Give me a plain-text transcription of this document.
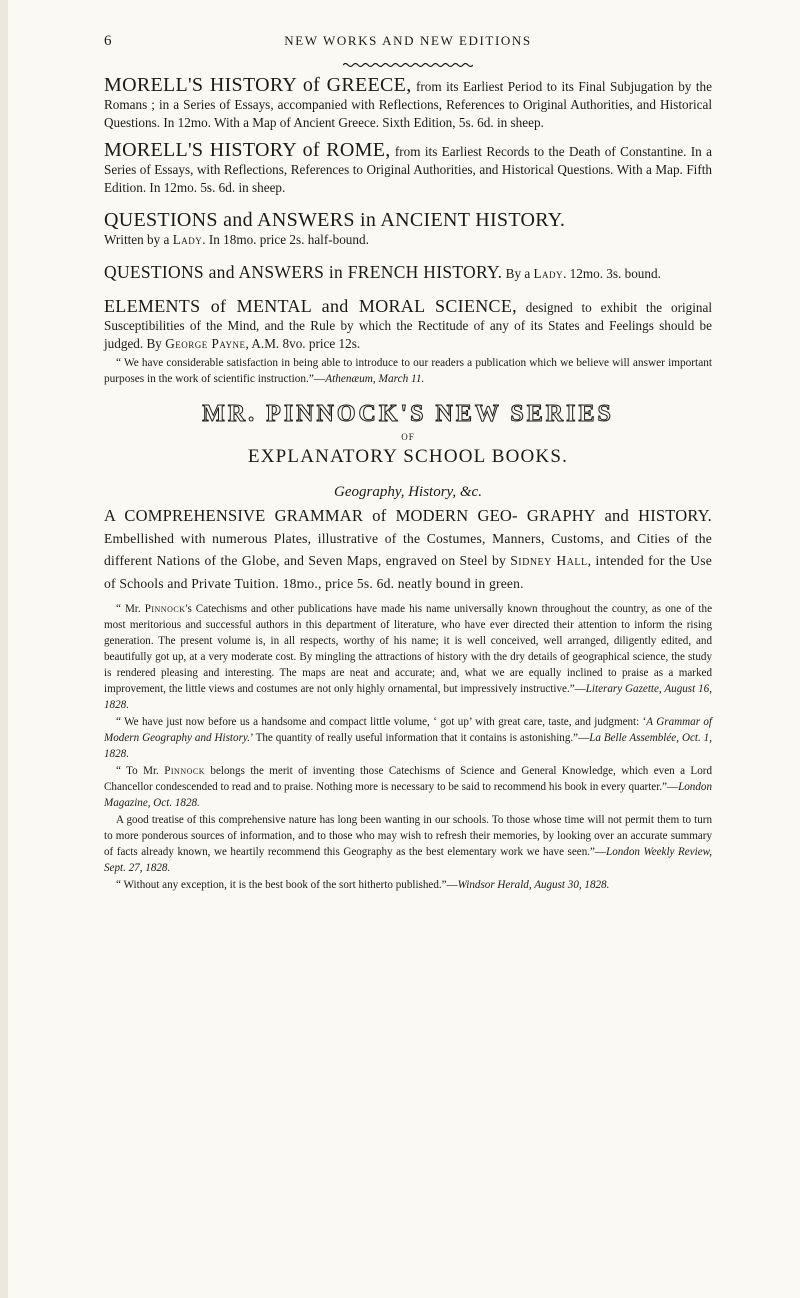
6	NEW WORKS AND NEW EDITIONS

MORELL'S HISTORY of GREECE, from its Earliest Period to its Final Subjugation by the Romans ; in a Series of Essays, accompanied with Reflections, References to Original Authorities, and Historical Questions. In 12mo. With a Map of Ancient Greece. Sixth Edition, 5s. 6d. in sheep.

MORELL'S HISTORY of ROME, from its Earliest Records to the Death of Constantine. In a Series of Essays, with Reflections, References to Original Authorities, and Historical Questions. With a Map. Fifth Edition. In 12mo. 5s. 6d. in sheep.

QUESTIONS and ANSWERS in ANCIENT HISTORY.
Written by a Lady. In 18mo. price 2s. half-bound.

QUESTIONS and ANSWERS in FRENCH HISTORY. By a Lady. 12mo. 3s. bound.

ELEMENTS of MENTAL and MORAL SCIENCE, designed to exhibit the original Susceptibilities of the Mind, and the Rule by which the Rectitude of any of its States and Feelings should be judged. By George Payne, A.M. 8vo. price 12s.

“ We have considerable satisfaction in being able to introduce to our readers a publication which we believe will answer important purposes in the work of scientific instruction.”—Athenæum, March 11.

MR. PINNOCK'S NEW SERIES
OF
EXPLANATORY SCHOOL BOOKS.
Geography, History, &c.

A COMPREHENSIVE GRAMMAR of MODERN GEO- GRAPHY and HISTORY. Embellished with numerous Plates, illustrative of the Costumes, Manners, Customs, and Cities of the different Nations of the Globe, and Seven Maps, engraved on Steel by Sidney Hall, intended for the Use of Schools and Private Tuition. 18mo., price 5s. 6d. neatly bound in green.

“ Mr. Pinnock's Catechisms and other publications have made his name universally known throughout the country, as one of the most meritorious and successful authors in this department of literature, who have ever directed their attention to inform the rising generation. The present volume is, in all respects, worthy of his name; it is well conceived, well arranged, diligently edited, and beautifully got up, at a very moderate cost. By mingling the attractions of history with the dry details of geographical science, the study is rendered pleasing and interesting. The maps are neat and accurate; and, what we are equally inclined to praise as a marked improvement, the little views and costumes are not only highly ornamental, but impressively instructive.”—Literary Gazette, August 16, 1828.

“ We have just now before us a handsome and compact little volume, ‘ got up’ with great care, taste, and judgment: ‘A Grammar of Modern Geography and History.’ The quantity of really useful information that it contains is astonishing.”—La Belle Assemblée, Oct. 1, 1828.

“ To Mr. Pinnock belongs the merit of inventing those Catechisms of Science and General Knowledge, which even a Lord Chancellor condescended to read and to praise. Nothing more is necessary to be said to recommend his book in every quarter.”—London Magazine, Oct. 1828.

A good treatise of this comprehensive nature has long been wanting in our schools. To those whose time will not permit them to turn to more ponderous sources of information, and to those who may wish to refresh their memories, by looking over an accurate summary of facts already known, we heartily recommend this Geography as the best elementary work we have seen.”—London Weekly Review, Sept. 27, 1828.

“ Without any exception, it is the best book of the sort hitherto published.”—Windsor Herald, August 30, 1828.
